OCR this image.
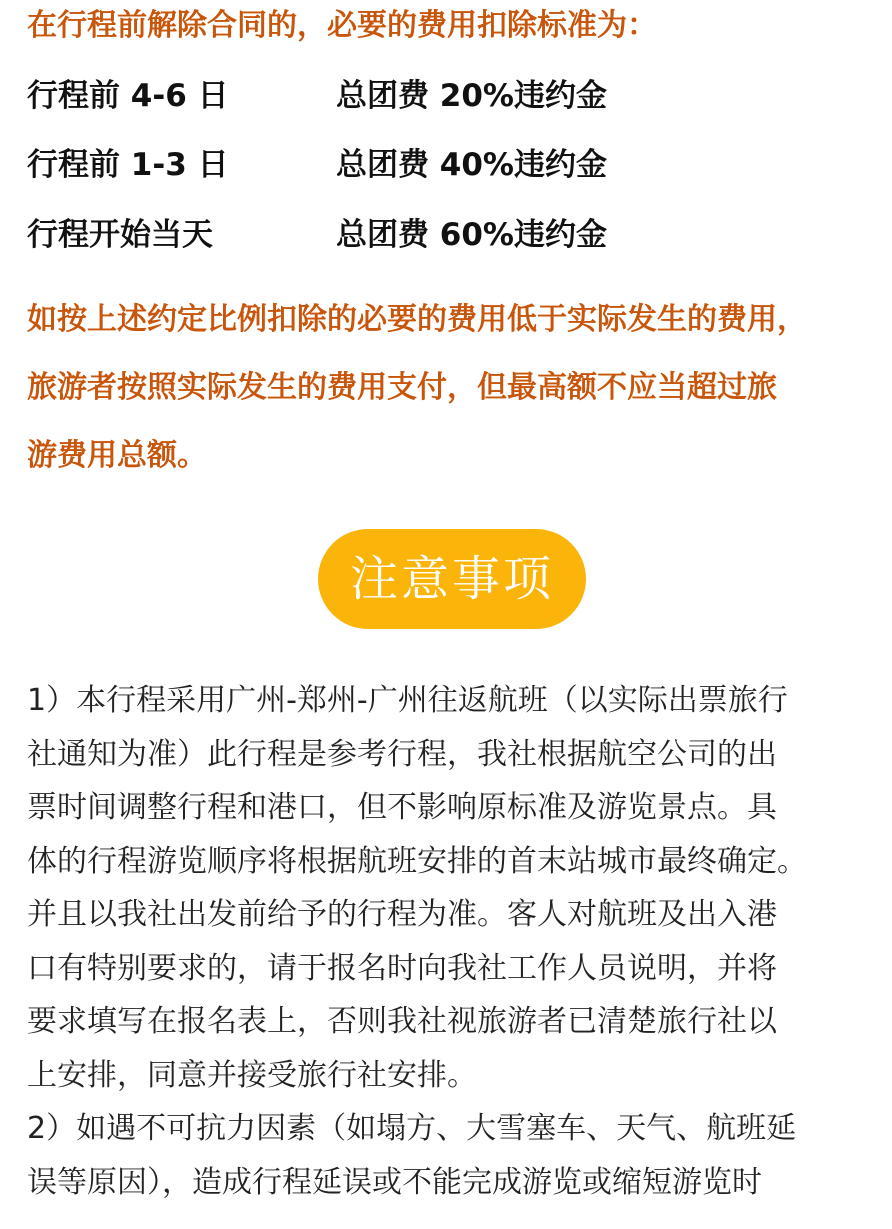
在行程前解除合同的，必要的费用扣除标准为：
行程前 4-6 日	总团费 20%违约金
行程前 1-3 日	总团费 40%违约金
行程开始当天	总团费 60%违约金
如按上述约定比例扣除的必要的费用低于实际发生的费用，
旅游者按照实际发生的费用支付，但最高额不应当超过旅
游费用总额。
注意事项
1）本行程采用广州-郑州-广州往返航班（以实际出票旅行
社通知为准）此行程是参考行程，我社根据航空公司的出
票时间调整行程和港口，但不影响原标准及游览景点。具
体的行程游览顺序将根据航班安排的首末站城市最终确定。
并且以我社出发前给予的行程为准。客人对航班及出入港
口有特别要求的，请于报名时向我社工作人员说明，并将
要求填写在报名表上，否则我社视旅游者已清楚旅行社以
上安排，同意并接受旅行社安排。
2）如遇不可抗力因素（如塌方、大雪塞车、天气、航班延
误等原因），造成行程延误或不能完成游览或缩短游览时
